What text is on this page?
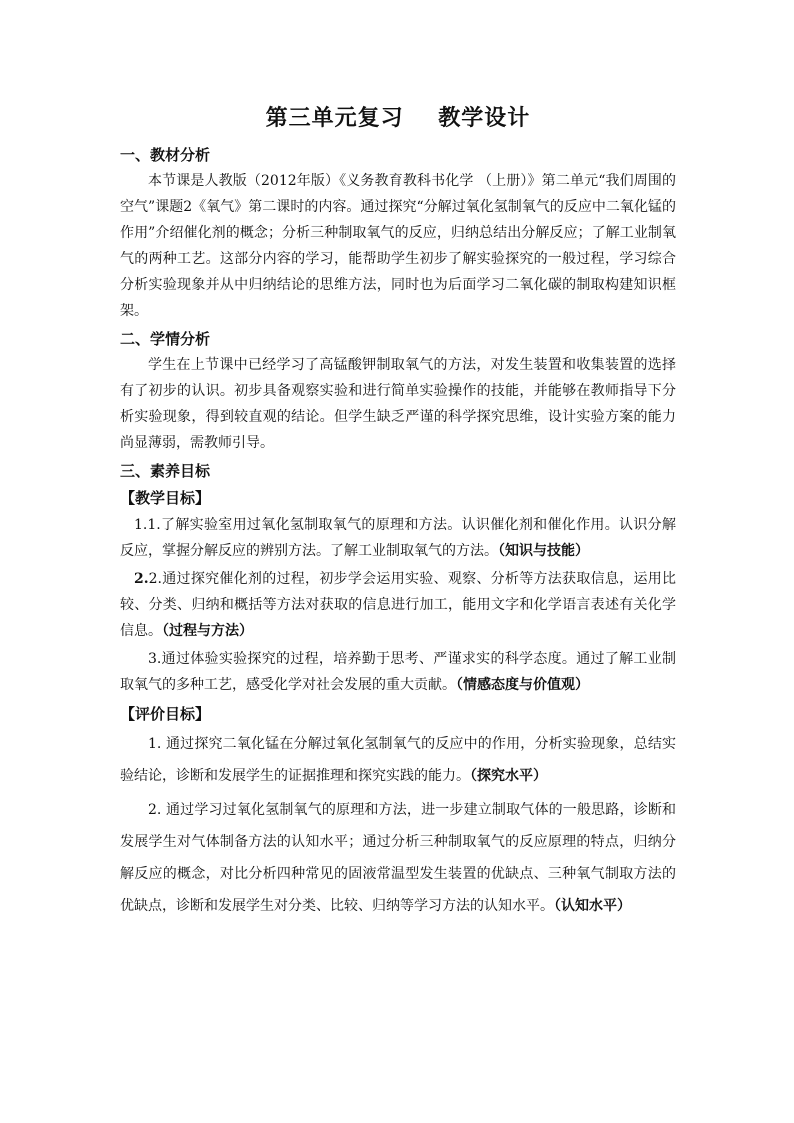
第三单元复习    教学设计
一、教材分析

本节课是人教版（2012年版）《义务教育教科书化学 （上册）》第二单元“我们周围的空气”课题2《氧气》第二课时的内容。通过探究“分解过氧化氢制氧气的反应中二氧化锰的作用”介绍催化剂的概念；分析三种制取氧气的反应，归纳总结出分解反应；了解工业制氧气的两种工艺。这部分内容的学习，能帮助学生初步了解实验探究的一般过程，学习综合分析实验现象并从中归纳结论的思维方法，同时也为后面学习二氧化碳的制取构建知识框架。

二、学情分析

学生在上节课中已经学习了高锰酸钾制取氧气的方法，对发生装置和收集装置的选择有了初步的认识。初步具备观察实验和进行简单实验操作的技能，并能够在教师指导下分析实验现象，得到较直观的结论。但学生缺乏严谨的科学探究思维，设计实验方案的能力尚显薄弱，需教师引导。

三、素养目标
【教学目标】

1.1.了解实验室用过氧化氢制取氧气的原理和方法。认识催化剂和催化作用。认识分解反应，掌握分解反应的辨别方法。了解工业制取氧气的方法。（知识与技能）

2.2.通过探究催化剂的过程，初步学会运用实验、观察、分析等方法获取信息，运用比较、分类、归纳和概括等方法对获取的信息进行加工，能用文字和化学语言表述有关化学信息。（过程与方法）

3.通过体验实验探究的过程，培养勤于思考、严谨求实的科学态度。通过了解工业制取氧气的多种工艺，感受化学对社会发展的重大贡献。（情感态度与价值观）

【评价目标】

1. 通过探究二氧化锰在分解过氧化氢制氧气的反应中的作用，分析实验现象，总结实验结论，诊断和发展学生的证据推理和探究实践的能力。（探究水平）

2. 通过学习过氧化氢制氧气的原理和方法，进一步建立制取气体的一般思路，诊断和发展学生对气体制备方法的认知水平；通过分析三种制取氧气的反应原理的特点，归纳分解反应的概念，对比分析四种常见的固液常温型发生装置的优缺点、三种氧气制取方法的优缺点，诊断和发展学生对分类、比较、归纳等学习方法的认知水平。（认知水平）
